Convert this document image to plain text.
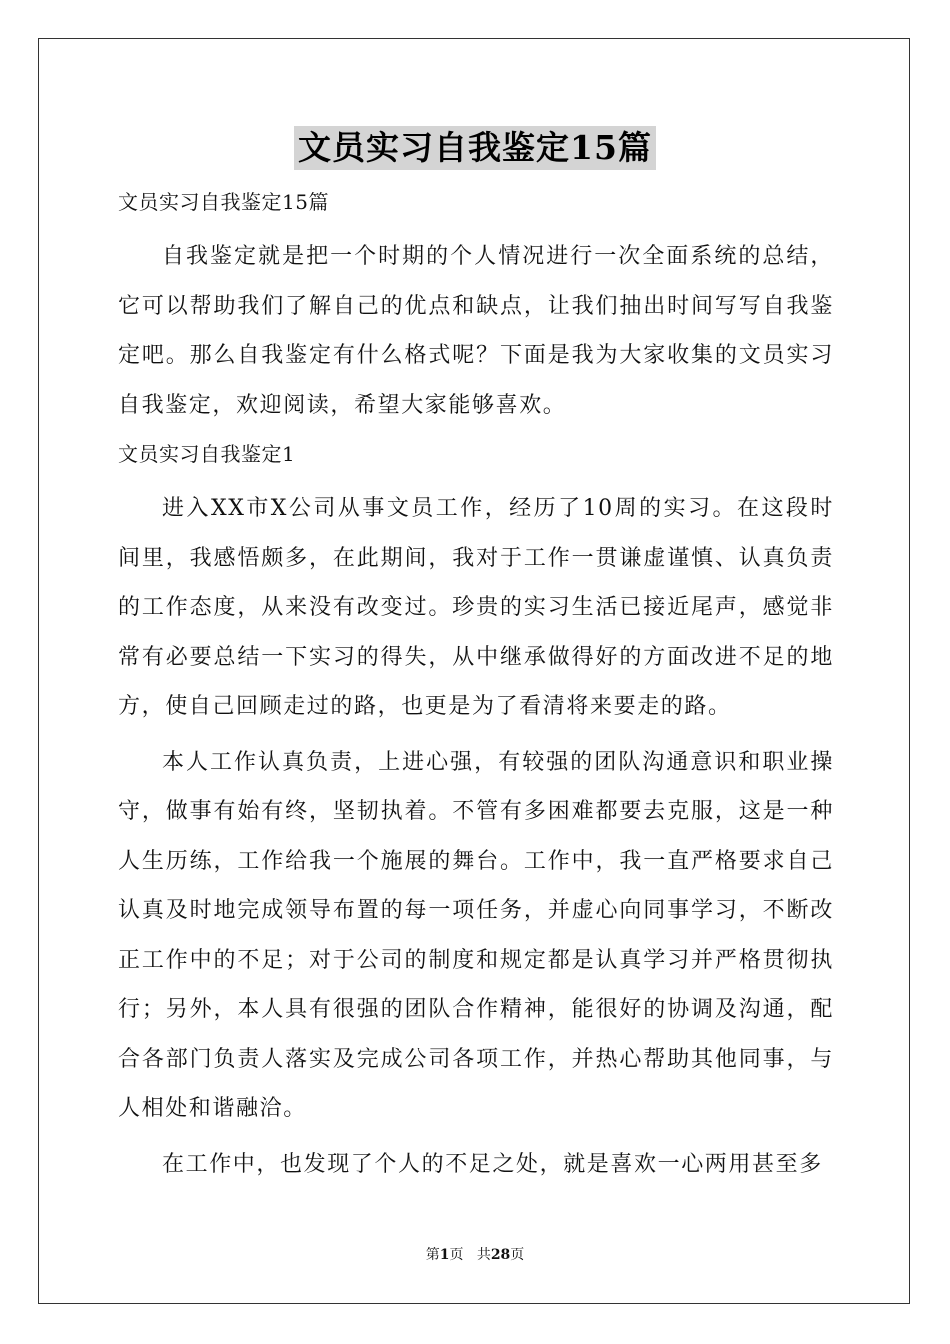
文员实习自我鉴定15篇

文员实习自我鉴定15篇

自我鉴定就是把一个时期的个人情况进行一次全面系统的总结，它可以帮助我们了解自己的优点和缺点，让我们抽出时间写写自我鉴定吧。那么自我鉴定有什么格式呢？下面是我为大家收集的文员实习自我鉴定，欢迎阅读，希望大家能够喜欢。

文员实习自我鉴定1

进入XX市X公司从事文员工作，经历了10周的实习。在这段时间里，我感悟颇多，在此期间，我对于工作一贯谦虚谨慎、认真负责的工作态度，从来没有改变过。珍贵的实习生活已接近尾声，感觉非常有必要总结一下实习的得失，从中继承做得好的方面改进不足的地方，使自己回顾走过的路，也更是为了看清将来要走的路。

本人工作认真负责，上进心强，有较强的团队沟通意识和职业操守，做事有始有终，坚韧执着。不管有多困难都要去克服，这是一种人生历练，工作给我一个施展的舞台。工作中，我一直严格要求自己认真及时地完成领导布置的每一项任务，并虚心向同事学习，不断改正工作中的不足；对于公司的制度和规定都是认真学习并严格贯彻执行；另外，本人具有很强的团队合作精神，能很好的协调及沟通，配合各部门负责人落实及完成公司各项工作，并热心帮助其他同事，与人相处和谐融洽。

在工作中，也发现了个人的不足之处，就是喜欢一心两用甚至多

第1页 共28页
